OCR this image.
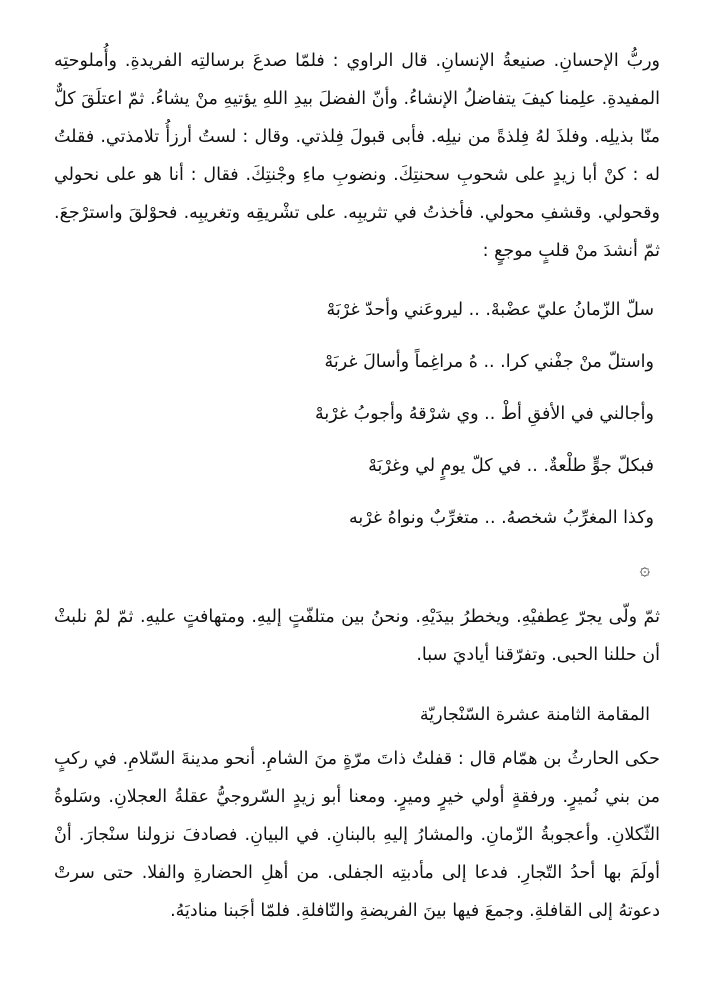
وربُّ الإحسانِ. صنيعةُ الإنسانِ. قال الراوي : فلمّا صدعَ برسالتِه الفريدةِ. وأُملوحتِه المفيدةِ. علِمنا كيفَ يتفاضلُ الإنشاءُ. وأنّ الفضلَ بيدِ اللهِ يؤتيهِ منْ يشاءُ. ثمّ اعتلَقَ كلٌّ منّا بذيلِه. وفلذَ لهُ فِلذةً من نيلِه. فأبى قبولَ فِلذتي. وقال : لستُ أرزأُ تلامذتي. فقلتُ له : كنْ أبا زيدٍ على شحوبِ سحنتِكَ. ونضوبِ ماءِ وجْنتِكَ. فقال : أنا هو على نحولي وقحولي. وقشفِ محولي. فأخذتُ في تثريبِه. على تشْريقِه وتغريبِه. فحوْلقَ واسترْجعَ. ثمّ أنشدَ منْ قلبٍ موجعٍ :

سلّ الزّمانُ عليّ عضْبهْ. .. ليروعَني وأحدّ غرْبَهْ

واستلّ منْ جفْني كرا. .. هُ مراغِماً وأسالَ غربَهْ

وأجالني في الأفقِ أطْ .. وي شرْقهُ وأجوبُ غرْبهْ

فبكلّ جوٍّ طلْعةٌ. .. في كلّ يومٍ لي وغرْبَهْ

وكذا المغرِّبُ شخصهُ. .. متغرِّبٌ ونواهُ غرْبه

۞

ثمّ ولّى يجرّ عِطفيْهِ. ويخطرُ بيدَيْهِ. ونحنُ بين متلفّتٍ إليهِ. ومتهافتٍ عليهِ. ثمّ لمْ نلبثْ أن حللنا الحبى. وتفرّقنا أياديَ سبا.

المقامة الثامنة عشرة السّنْجاريّة

حكى الحارثُ بن همّام قال : قفلتُ ذاتَ مرّةٍ منَ الشامِ. أنحو مدينةَ السّلامِ. في ركبٍ من بني نُميرٍ. ورفقةٍ أولي خيرٍ وميرٍ. ومعنا أبو زيدٍ السّروجيُّ عقلةُ العجلانِ. وسَلوةُ الثّكلانِ. وأعجوبةُ الزّمانِ. والمشارُ إليهِ بالبنانِ. في البيانِ. فصادفَ نزولنا سنْجارَ. أنْ أولَمَ بها أحدُ التّجارِ. فدعا إلى مأدبتِه الجفلى. من أهلِ الحضارةِ والفلا. حتى سرتْ دعوتهُ إلى القافلةِ. وجمعَ فيها بينَ الفريضةِ والنّافلةِ. فلمّا أجَبنا مناديَهُ.
